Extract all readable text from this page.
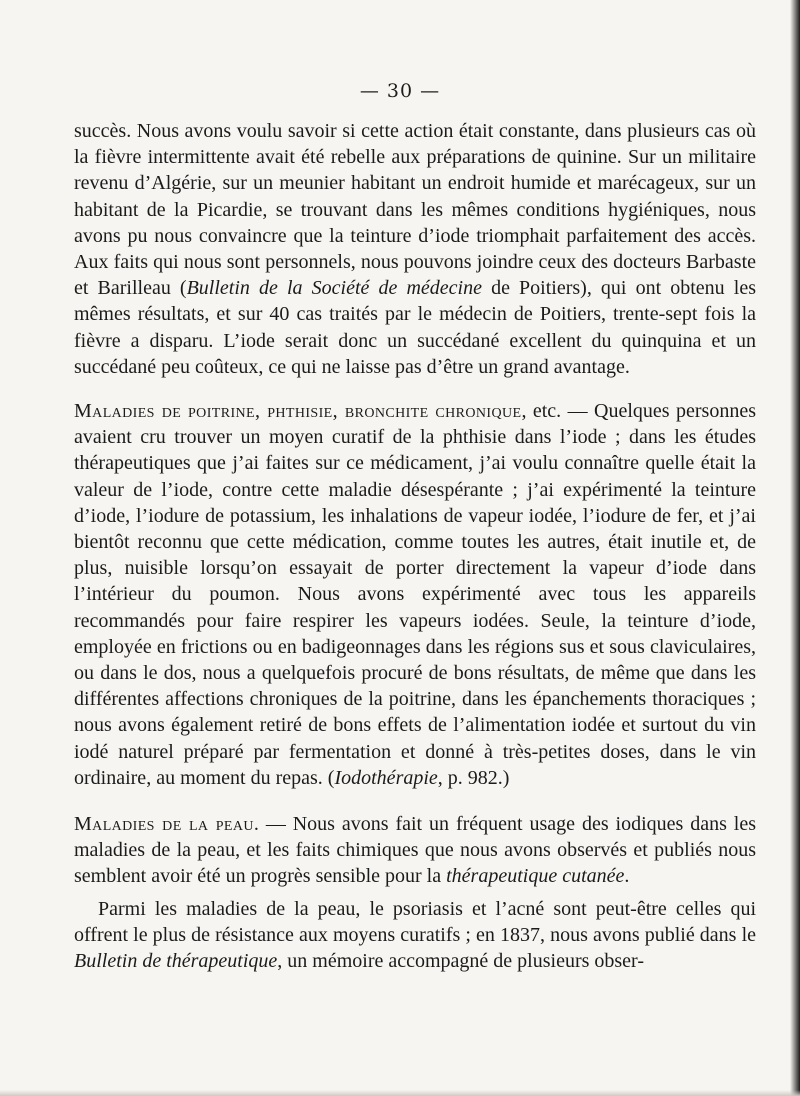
— 30 —

succès. Nous avons voulu savoir si cette action était constante, dans plusieurs cas où la fièvre intermittente avait été rebelle aux préparations de quinine. Sur un militaire revenu d’Algérie, sur un meunier habitant un endroit humide et marécageux, sur un habitant de la Picardie, se trouvant dans les mêmes conditions hygiéniques, nous avons pu nous convaincre que la teinture d’iode triomphait parfaitement des accès. Aux faits qui nous sont personnels, nous pouvons joindre ceux des docteurs Barbaste et Barilleau (Bulletin de la Société de médecine de Poitiers), qui ont obtenu les mêmes résultats, et sur 40 cas traités par le médecin de Poitiers, trente-sept fois la fièvre a disparu. L’iode serait donc un succédané excellent du quinquina et un succédané peu coûteux, ce qui ne laisse pas d’être un grand avantage.

Maladies de poitrine, phthisie, bronchite chronique, etc. — Quelques personnes avaient cru trouver un moyen curatif de la phthisie dans l’iode ; dans les études thérapeutiques que j’ai faites sur ce médicament, j’ai voulu connaître quelle était la valeur de l’iode, contre cette maladie désespérante ; j’ai expérimenté la teinture d’iode, l’iodure de potassium, les inhalations de vapeur iodée, l’iodure de fer, et j’ai bientôt reconnu que cette médication, comme toutes les autres, était inutile et, de plus, nuisible lorsqu’on essayait de porter directement la vapeur d’iode dans l’intérieur du poumon. Nous avons expérimenté avec tous les appareils recommandés pour faire respirer les vapeurs iodées. Seule, la teinture d’iode, employée en frictions ou en badigeonnages dans les régions sus et sous claviculaires, ou dans le dos, nous a quelquefois procuré de bons résultats, de même que dans les différentes affections chroniques de la poitrine, dans les épanchements thoraciques ; nous avons également retiré de bons effets de l’alimentation iodée et surtout du vin iodé naturel préparé par fermentation et donné à très-petites doses, dans le vin ordinaire, au moment du repas. (Iodothérapie, p. 982.)

Maladies de la peau. — Nous avons fait un fréquent usage des iodiques dans les maladies de la peau, et les faits chimiques que nous avons observés et publiés nous semblent avoir été un progrès sensible pour la thérapeutique cutanée.

Parmi les maladies de la peau, le psoriasis et l’acné sont peut-être celles qui offrent le plus de résistance aux moyens curatifs ; en 1837, nous avons publié dans le Bulletin de thérapeutique, un mémoire accompagné de plusieurs obser-
